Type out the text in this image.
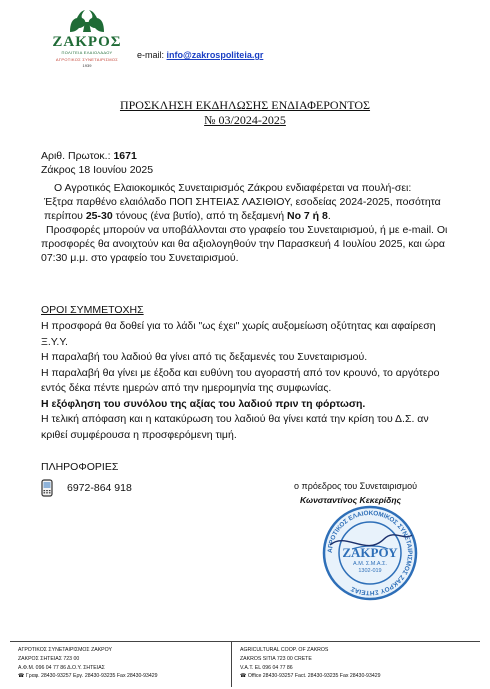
ΖΑΚΡΟΣ
ΠΟΛΙΤΕΙΑ ΕΛΑΙΟΛΑΔΟΥ
ΑΓΡΟΤΙΚΟΣ ΣΥΝΕΤΑΙΡΙΣΜΟΣ
1939
e-mail: info@zakrospoliteia.gr
ΠΡΟΣΚΛΗΣΗ ΕΚΔΗΛΩΣΗΣ ΕΝΔΙΑΦΕΡΟΝΤΟΣ
№ 03/2024-2025
Αριθ. Πρωτοκ.: 1671
Ζάκρος 18 Ιουνίου 2025

Ο Αγροτικός Ελαιοκομικός Συνεταιρισμός Ζάκρου ενδιαφέρεται να πουλή-σει:

Έξτρα παρθένο ελαιόλαδο ΠΟΠ ΣΗΤΕΙΑΣ ΛΑΣΙΘΙΟΥ, εσοδείας 2024-2025, ποσότητα περίπου 25-30 τόνους (ένα βυτίο), από τη δεξαμενή Νο 7 ή 8.

Προσφορές μπορούν να υποβάλλονται στο γραφείο του Συνεταιρισμού, ή με e-mail. Οι προσφορές θα ανοιχτούν και θα αξιολογηθούν την Παρασκευή 4 Ιουλίου 2025, και ώρα 07:30 μ.μ. στο γραφείο του Συνεταιρισμού.

ΟΡΟΙ ΣΥΜΜΕΤΟΧΗΣ

Η προσφορά θα δοθεί για το λάδι "ως έχει" χωρίς αυξομείωση οξύτητας και αφαίρεση Ξ.Υ.Υ.

Η παραλαβή του λαδιού θα γίνει από τις δεξαμενές του Συνεταιρισμού.

Η παραλαβή θα γίνει με έξοδα και ευθύνη του αγοραστή από τον κρουνό, το αργότερο εντός δέκα πέντε ημερών από την ημερομηνία της συμφωνίας.

Η εξόφληση του συνόλου της αξίας του λαδιού πριν τη φόρτωση.

Η τελική απόφαση και η κατακύρωση του λαδιού θα γίνει κατά την κρίση του Δ.Σ. αν κριθεί συμφέρουσα η προσφερόμενη τιμή.

ΠΛΗΡΟΦΟΡΙΕΣ
6972-864 918	ο πρόεδρος του Συνεταιρισμού
Κωνσταντίνος Κεκερίδης
ΑΓΡΟΤΙΚΟΣ ΕΛΑΙΟΚΟΜΙΚΟΣ ΣΥΝΕΤΑΙΡΙΣΜΟΣ ΖΑΚΡΟΥ ΣΗΤΕΙΑΣ
ΖΑΚΡΟΥ
Α.Μ. Σ.Μ.Α.Σ.
1302-019
ΑΓΡΟΤΙΚΟΣ ΣΥΝΕΤΑΙΡΙΣΜΟΣ ΖΑΚΡΟΥ
ΖΑΚΡΟΣ ΣΗΤΕΙΑΣ 723 00
Α.Φ.Μ. 096 04 77 86 Δ.Ο.Υ. ΣΗΤΕΙΑΣ
☎ Γραφ. 28430-93257 Εργ. 28430-93235 Fax 28430-93429
AGRICULTURAL COOP. OF ZAKROS
ZAKROS SITIA 723 00 CRETE
V.A.T. EL 096 04 77 86
☎ Office 28430-93257 Fact. 28430-93235 Fax 28430-93429
